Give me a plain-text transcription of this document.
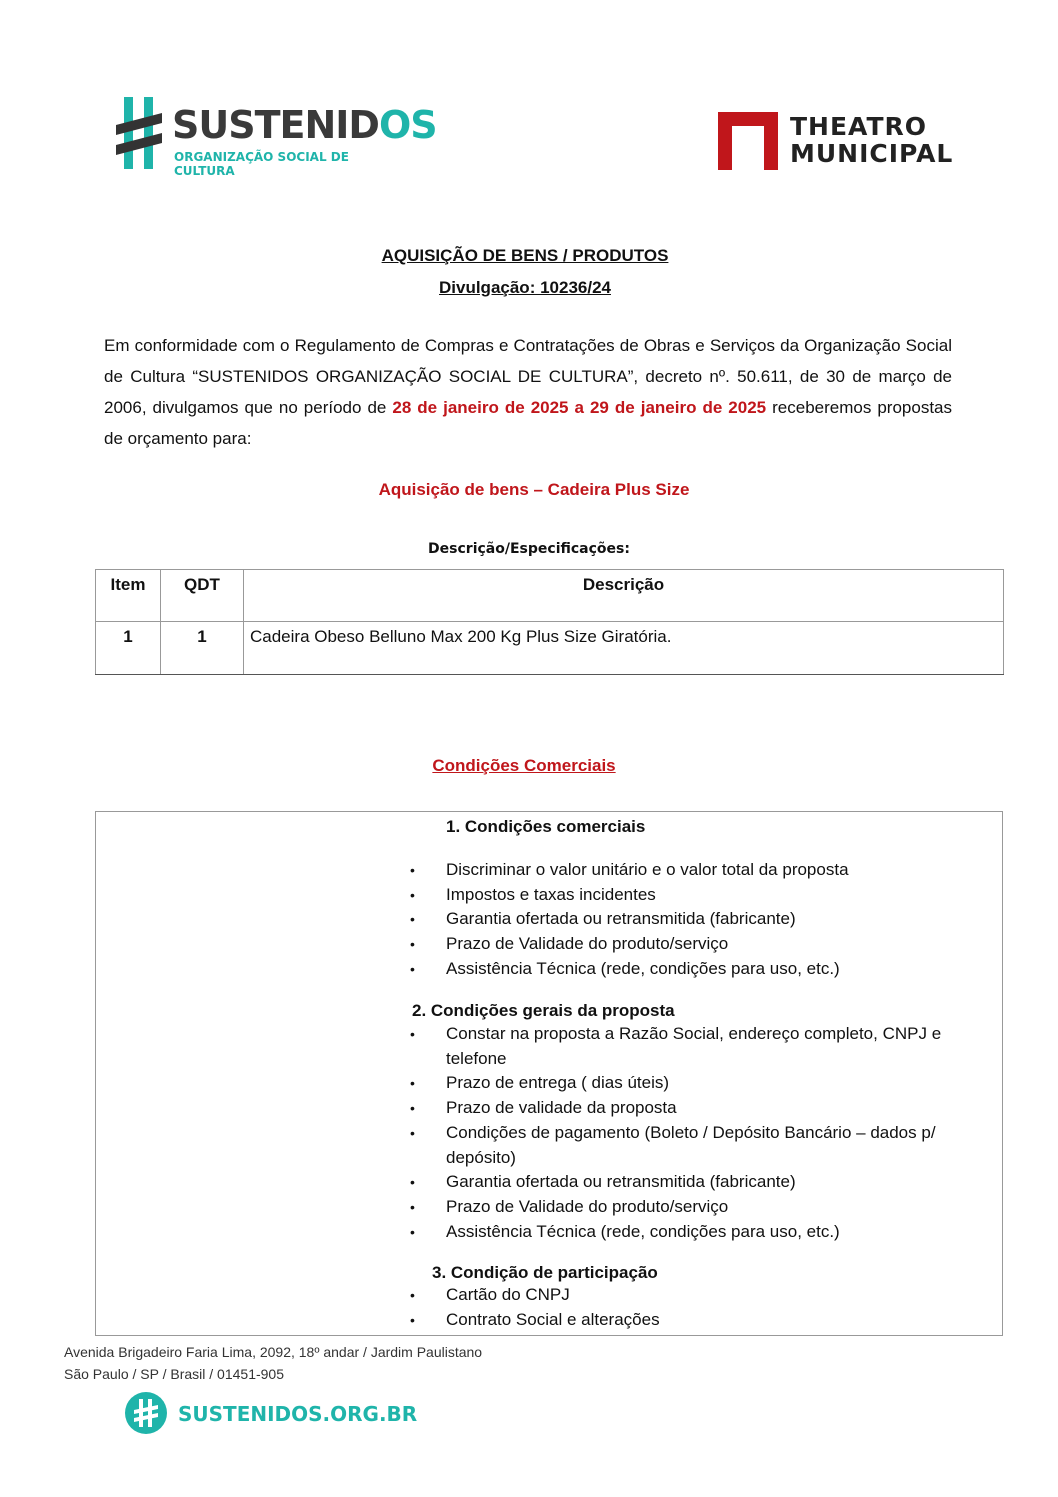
SUSTENIDOS
ORGANIZAÇÃO SOCIAL DE CULTURA
THEATRO
MUNICIPAL
AQUISIÇÃO DE BENS / PRODUTOS
Divulgação: 10236/24
Em conformidade com o Regulamento de Compras e Contratações de Obras e Serviços da Organização Social de Cultura “SUSTENIDOS ORGANIZAÇÃO SOCIAL DE CULTURA”, decreto nº. 50.611, de 30 de março de 2006, divulgamos que no período de 28 de janeiro de 2025 a 29 de janeiro de 2025 receberemos propostas de orçamento para:
Aquisição de bens – Cadeira Plus Size
Descrição/Especificações:
Item	QDT	Descrição
1	1	Cadeira Obeso Belluno Max 200 Kg Plus Size Giratória.
Condições Comerciais
1. Condições comerciais
• Discriminar o valor unitário e o valor total da proposta
• Impostos e taxas incidentes
• Garantia ofertada ou retransmitida (fabricante)
• Prazo de Validade do produto/serviço
• Assistência Técnica (rede, condições para uso, etc.)
2. Condições gerais da proposta
• Constar na proposta a Razão Social, endereço completo, CNPJ e telefone
• Prazo de entrega ( dias úteis)
• Prazo de validade da proposta
• Condições de pagamento (Boleto / Depósito Bancário – dados p/ depósito)
• Garantia ofertada ou retransmitida (fabricante)
• Prazo de Validade do produto/serviço
• Assistência Técnica (rede, condições para uso, etc.)
3. Condição de participação
• Cartão do CNPJ
• Contrato Social e alterações
Avenida Brigadeiro Faria Lima, 2092, 18º andar / Jardim Paulistano
São Paulo / SP / Brasil / 01451-905
SUSTENIDOS.ORG.BR
